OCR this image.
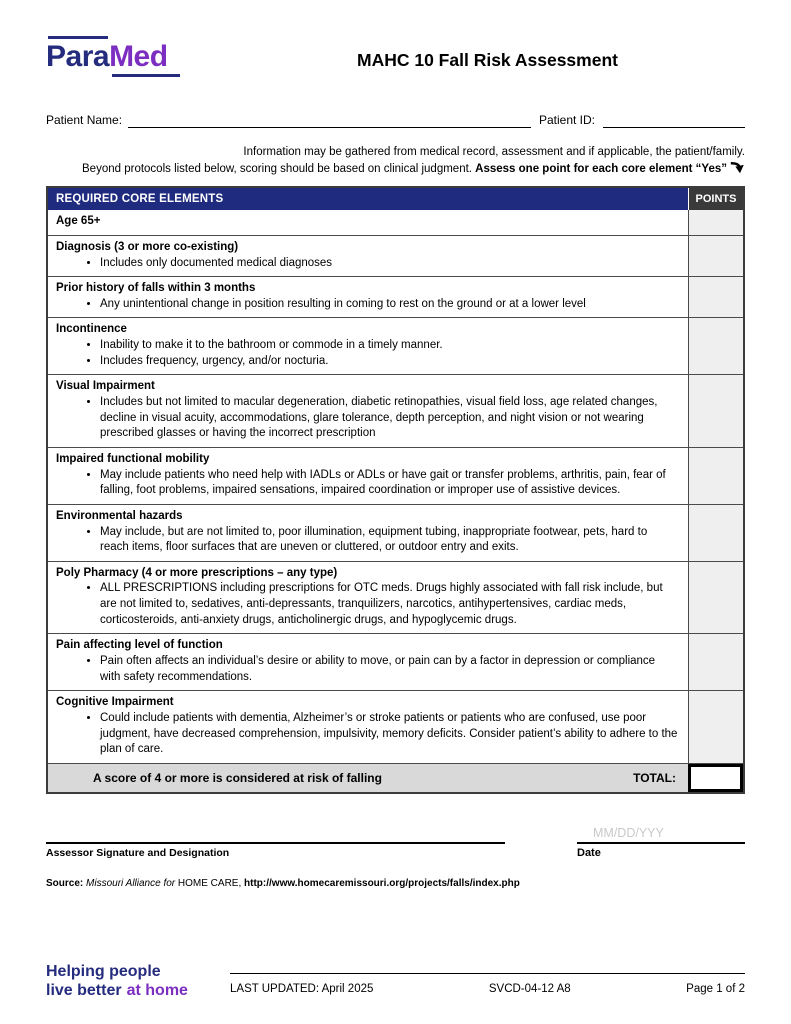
ParaMed	MAHC 10 Fall Risk Assessment
Patient Name:	Patient ID:
Information may be gathered from medical record, assessment and if applicable, the patient/family.
Beyond protocols listed below, scoring should be based on clinical judgment. Assess one point for each core element “Yes”
REQUIRED CORE ELEMENTS	POINTS
Age 65+
Diagnosis (3 or more co-existing)
• Includes only documented medical diagnoses
Prior history of falls within 3 months
• Any unintentional change in position resulting in coming to rest on the ground or at a lower level
Incontinence
• Inability to make it to the bathroom or commode in a timely manner.
• Includes frequency, urgency, and/or nocturia.
Visual Impairment
• Includes but not limited to macular degeneration, diabetic retinopathies, visual field loss, age related changes, decline in visual acuity, accommodations, glare tolerance, depth perception, and night vision or not wearing prescribed glasses or having the incorrect prescription
Impaired functional mobility
• May include patients who need help with IADLs or ADLs or have gait or transfer problems, arthritis, pain, fear of falling, foot problems, impaired sensations, impaired coordination or improper use of assistive devices.
Environmental hazards
• May include, but are not limited to, poor illumination, equipment tubing, inappropriate footwear, pets, hard to reach items, floor surfaces that are uneven or cluttered, or outdoor entry and exits.
Poly Pharmacy (4 or more prescriptions – any type)
• ALL PRESCRIPTIONS including prescriptions for OTC meds. Drugs highly associated with fall risk include, but are not limited to, sedatives, anti-depressants, tranquilizers, narcotics, antihypertensives, cardiac meds, corticosteroids, anti-anxiety drugs, anticholinergic drugs, and hypoglycemic drugs.
Pain affecting level of function
• Pain often affects an individual’s desire or ability to move, or pain can by a factor in depression or compliance with safety recommendations.
Cognitive Impairment
• Could include patients with dementia, Alzheimer’s or stroke patients or patients who are confused, use poor judgment, have decreased comprehension, impulsivity, memory deficits. Consider patient’s ability to adhere to the plan of care.
A score of 4 or more is considered at risk of falling	TOTAL:
Assessor Signature and Designation
MM/DD/YYY
Date
Source: Missouri Alliance for HOME CARE, http://www.homecaremissouri.org/projects/falls/index.php
Helping people
live better at home	LAST UPDATED: April 2025	SVCD-04-12 A8	Page 1 of 2
